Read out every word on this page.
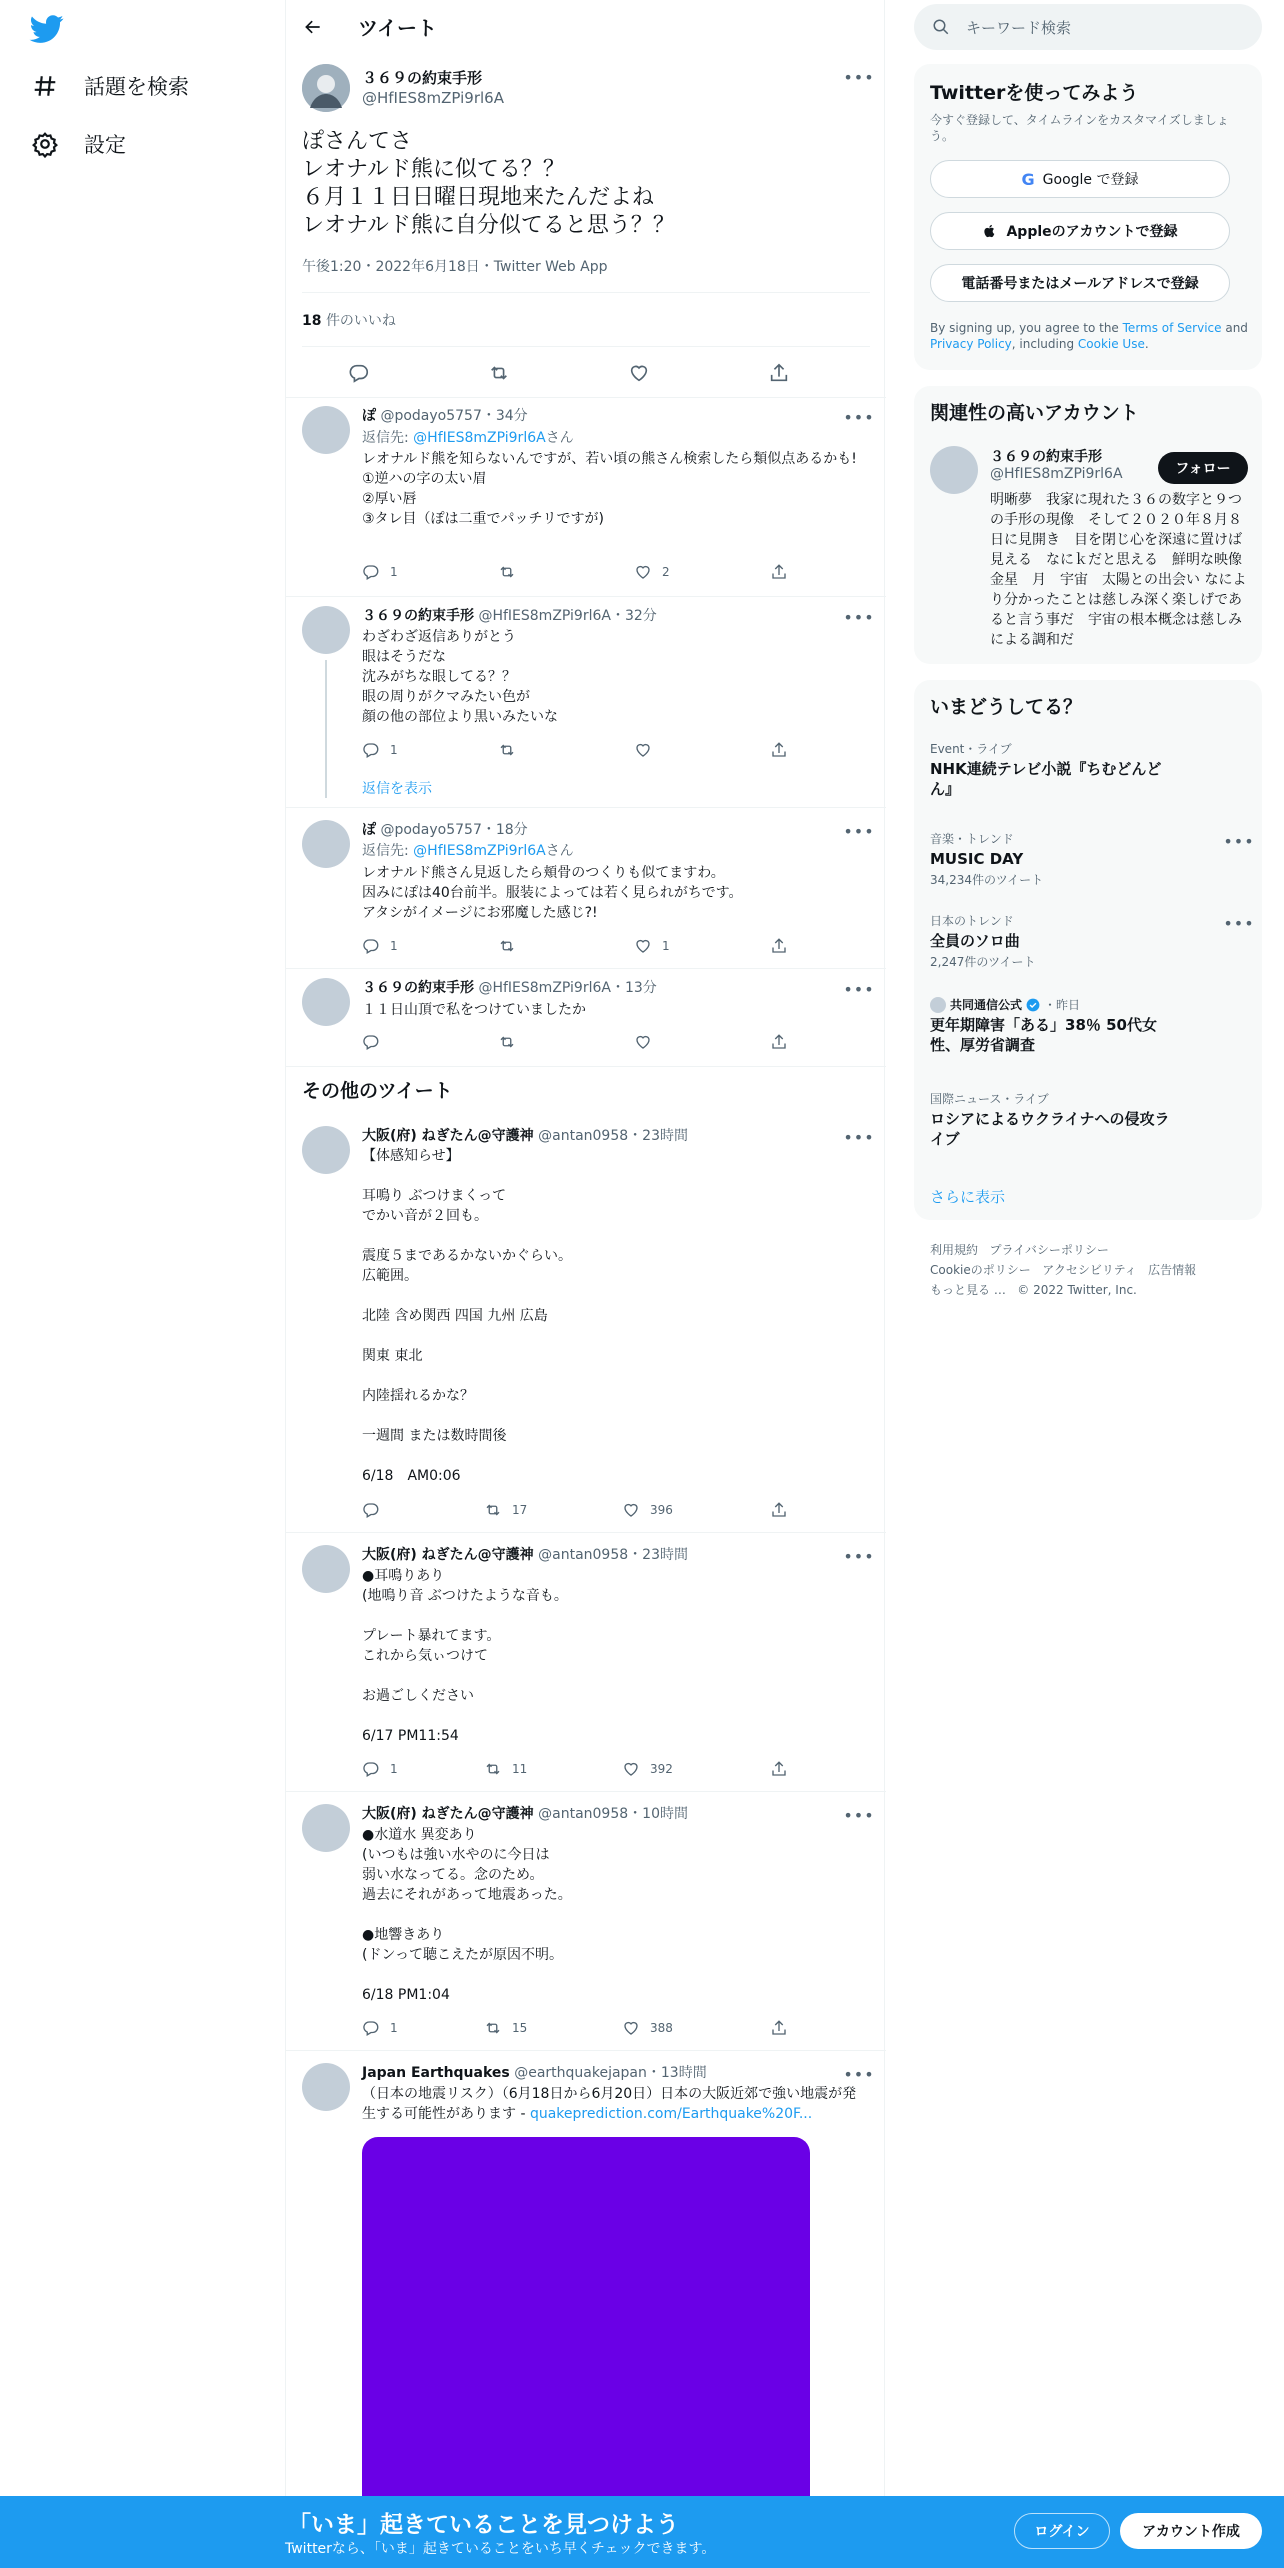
話題を検索
設定
ツイート
３６９の約束手形
@HfIES8mZPi9rl6A
•••
ぽさんてさ
レオナルド熊に似てる？？
６月１１日日曜日現地来たんだよね
レオナルド熊に自分似てると思う？？
午後1:20・2022年6月18日・Twitter Web App
18 件のいいね
ぽ @podayo5757・34分	•••
返信先: @HfIES8mZPi9rl6Aさん
レオナルド熊を知らないんですが、若い頃の熊さん検索したら類似点あるかも!
①逆ハの字の太い眉
②厚い唇
③タレ目（ぽは二重でパッチリですが)
1	2
３６９の約束手形 @HfIES8mZPi9rl6A・32分	•••
わざわざ返信ありがとう
眼はそうだな
沈みがちな眼してる？？
眼の周りがクマみたい色が
顔の他の部位より黒いみたいな
1
返信を表示
ぽ @podayo5757・18分	•••
返信先: @HfIES8mZPi9rl6Aさん
レオナルド熊さん見返したら頬骨のつくりも似てますわ。
因みにぽは40台前半。服装によっては若く見られがちです。
アタシがイメージにお邪魔した感じ?!
1	1
３６９の約束手形 @HfIES8mZPi9rl6A・13分	•••
１１日山頂で私をつけていましたか
その他のツイート
大阪(府) ねぎたん@守護神 @antan0958・23時間	•••
【体感知らせ】

耳鳴り ぶつけまくって
でかい音が２回も。

震度５まであるかないかぐらい。
広範囲。

北陸 含め関西 四国 九州 広島

関東 東北

内陸揺れるかな？

一週間 または数時間後

6/18　AM0:06
17	396
大阪(府) ねぎたん@守護神 @antan0958・23時間	•••
●耳鳴りあり
(地鳴り音 ぶつけたような音も。

プレート暴れてます。
これから気ぃつけて

お過ごしください

6/17 PM11:54
1	11	392
大阪(府) ねぎたん@守護神 @antan0958・10時間	•••
●水道水 異変あり
(いつもは強い水やのに今日は
弱い水なってる。念のため。
過去にそれがあって地震あった。

●地響きあり
(ドンって聴こえたが原因不明。

6/18 PM1:04
1	15	388
Japan Earthquakes @earthquakejapan・13時間	•••
（日本の地震リスク）（6月18日から6月20日）日本の大阪近郊で強い地震が発生する可能性があります - quakeprediction.com/Earthquake%20F...
キーワード検索
Twitterを使ってみよう
今すぐ登録して、タイムラインをカスタマイズしましょう。
G Google で登録
Appleのアカウントで登録
電話番号またはメールアドレスで登録
By signing up, you agree to the Terms of Service and Privacy Policy, including Cookie Use.
関連性の高いアカウント
３６９の約束手形
@HfIES8mZPi9rl6A	フォロー
明晰夢　我家に現れた３６の数字と９つの手形の現像　そして２０２０年８月８日に見開き　目を閉じ心を深遠に置けば見える　なにｋだと思える　鮮明な映像　金星　月　宇宙　太陽との出会い なにより分かったことは慈しみ深く楽しげであると言う事だ　宇宙の根本概念は慈しみによる調和だ
いまどうしてる？
Event・ライブ
NHK連続テレビ小説『ちむどんどん』
音楽・トレンド
MUSIC DAY
34,234件のツイート
•••
日本のトレンド
全員のソロ曲
2,247件のツイート
•••
共同通信公式 ・昨日
更年期障害「ある」38％ 50代女性、厚労省調査
国際ニュース・ライブ
ロシアによるウクライナへの侵攻ライブ
さらに表示
利用規約 プライバシーポリシー
Cookieのポリシー アクセシビリティ 広告情報
もっと見る … © 2022 Twitter, Inc.
「いま」起きていることを見つけよう
Twitterなら、「いま」起きていることをいち早くチェックできます。
ログイン	アカウント作成
